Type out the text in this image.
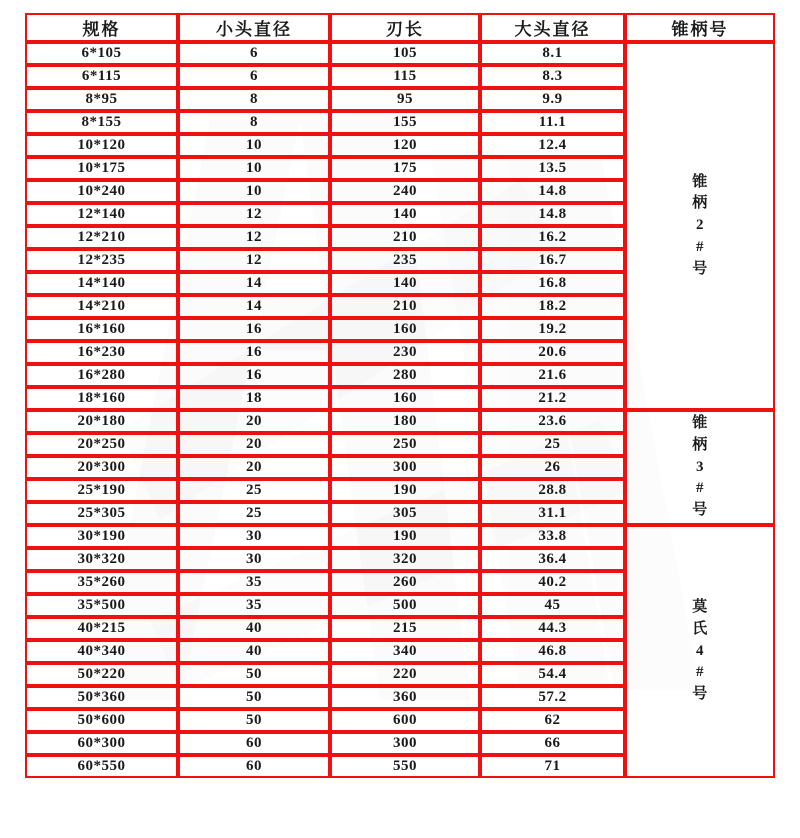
规格	小头直径	刃长	大头直径	锥柄号
6*105	6	105	8.1	锥
柄
2
#
号

6*115	6	115	8.3	
8*95	8	95	9.9	
8*155	8	155	11.1	
10*120	10	120	12.4	
10*175	10	175	13.5	
10*240	10	240	14.8	
12*140	12	140	14.8	
12*210	12	210	16.2	
12*235	12	235	16.7	
14*140	14	140	16.8	
14*210	14	210	18.2	
16*160	16	160	19.2	
16*230	16	230	20.6	
16*280	16	280	21.6	
18*160	18	160	21.2	
20*180	20	180	23.6	锥
柄
3
#
号

20*250	20	250	25	
20*300	20	300	26	
25*190	25	190	28.8	
25*305	25	305	31.1	
30*190	30	190	33.8	莫
氏
4
#
号

30*320	30	320	36.4	
35*260	35	260	40.2	
35*500	35	500	45	
40*215	40	215	44.3	
40*340	40	340	46.8	
50*220	50	220	54.4	
50*360	50	360	57.2	
50*600	50	600	62	
60*300	60	300	66	
60*550	60	550	71	
